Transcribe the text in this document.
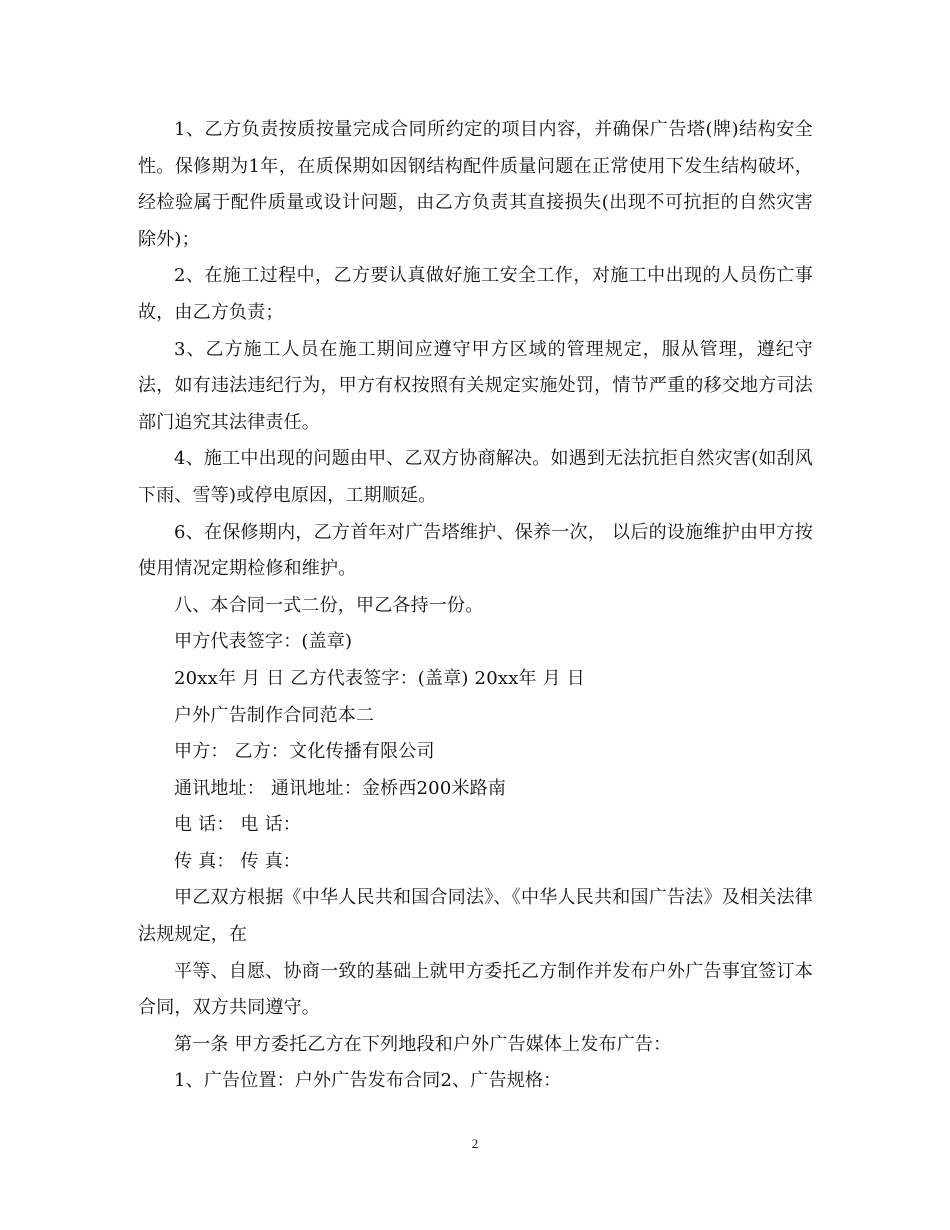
1、乙方负责按质按量完成合同所约定的项目内容，并确保广告塔(牌)结构安全性。保修期为1年，在质保期如因钢结构配件质量问题在正常使用下发生结构破坏，经检验属于配件质量或设计问题，由乙方负责其直接损失(出现不可抗拒的自然灾害除外)；

2、在施工过程中，乙方要认真做好施工安全工作，对施工中出现的人员伤亡事故，由乙方负责；

3、乙方施工人员在施工期间应遵守甲方区域的管理规定，服从管理，遵纪守法，如有违法违纪行为，甲方有权按照有关规定实施处罚，情节严重的移交地方司法部门追究其法律责任。

4、施工中出现的问题由甲、乙双方协商解决。如遇到无法抗拒自然灾害(如刮风下雨、雪等)或停电原因，工期顺延。

6、在保修期内，乙方首年对广告塔维护、保养一次， 以后的设施维护由甲方按使用情况定期检修和维护。

八、本合同一式二份，甲乙各持一份。

甲方代表签字：(盖章)

20xx年 月 日 乙方代表签字：(盖章) 20xx年 月 日

户外广告制作合同范本二

甲方： 乙方：文化传播有限公司

通讯地址： 通讯地址：金桥西200米路南

电 话： 电 话：

传 真： 传 真：

甲乙双方根据《中华人民共和国合同法》、《中华人民共和国广告法》及相关法律法规规定，在

平等、自愿、协商一致的基础上就甲方委托乙方制作并发布户外广告事宜签订本合同，双方共同遵守。

第一条 甲方委托乙方在下列地段和户外广告媒体上发布广告：

1、广告位置：户外广告发布合同2、广告规格：

2
